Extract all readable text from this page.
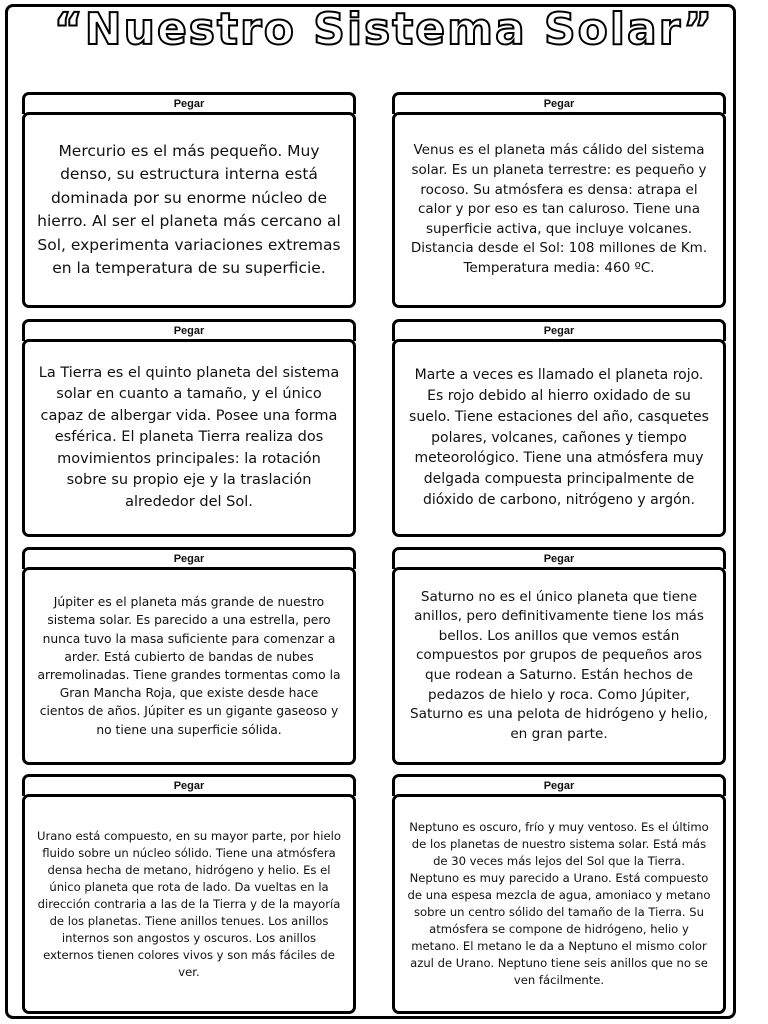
“Nuestro Sistema Solar”
Pegar

Mercurio es el más pequeño. Muy denso, su estructura interna está dominada por su enorme núcleo de hierro. Al ser el planeta más cercano al Sol, experimenta variaciones extremas en la temperatura de su superficie.

Pegar

Venus es el planeta más cálido del sistema solar. Es un planeta terrestre: es pequeño y rocoso. Su atmósfera es densa: atrapa el calor y por eso es tan caluroso. Tiene una superficie activa, que incluye volcanes. Distancia desde el Sol: 108 millones de Km. Temperatura media: 460 ºC.

Pegar

La Tierra es el quinto planeta del sistema solar en cuanto a tamaño, y el único capaz de albergar vida. Posee una forma esférica. El planeta Tierra realiza dos movimientos principales: la rotación sobre su propio eje y la traslación alrededor del Sol.

Pegar

Marte a veces es llamado el planeta rojo. Es rojo debido al hierro oxidado de su suelo. Tiene estaciones del año, casquetes polares, volcanes, cañones y tiempo meteorológico. Tiene una atmósfera muy delgada compuesta principalmente de dióxido de carbono, nitrógeno y argón.

Pegar

Júpiter es el planeta más grande de nuestro sistema solar. Es parecido a una estrella, pero nunca tuvo la masa suficiente para comenzar a arder. Está cubierto de bandas de nubes arremolinadas. Tiene grandes tormentas como la Gran Mancha Roja, que existe desde hace cientos de años. Júpiter es un gigante gaseoso y no tiene una superficie sólida.

Pegar

Saturno no es el único planeta que tiene anillos, pero definitivamente tiene los más bellos. Los anillos que vemos están compuestos por grupos de pequeños aros que rodean a Saturno. Están hechos de pedazos de hielo y roca. Como Júpiter, Saturno es una pelota de hidrógeno y helio, en gran parte.

Pegar

Urano está compuesto, en su mayor parte, por hielo fluido sobre un núcleo sólido. Tiene una atmósfera densa hecha de metano, hidrógeno y helio. Es el único planeta que rota de lado. Da vueltas en la dirección contraria a las de la Tierra y de la mayoría de los planetas. Tiene anillos tenues. Los anillos internos son angostos y oscuros. Los anillos externos tienen colores vivos y son más fáciles de ver.

Pegar

Neptuno es oscuro, frío y muy ventoso. Es el último de los planetas de nuestro sistema solar. Está más de 30 veces más lejos del Sol que la Tierra. Neptuno es muy parecido a Urano. Está compuesto de una espesa mezcla de agua, amoniaco y metano sobre un centro sólido del tamaño de la Tierra. Su atmósfera se compone de hidrógeno, helio y metano. El metano le da a Neptuno el mismo color azul de Urano. Neptuno tiene seis anillos que no se ven fácilmente.
